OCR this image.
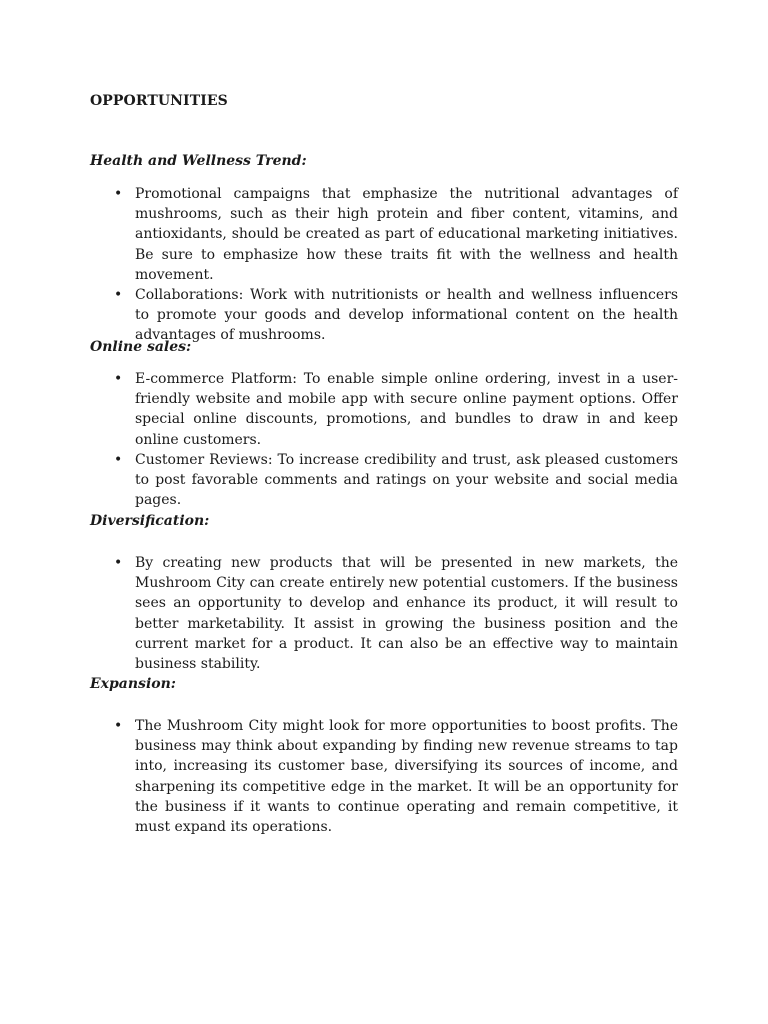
OPPORTUNITIES
Health and Wellness Trend:
• Promotional campaigns that emphasize the nutritional advantages of mushrooms, such as their high protein and fiber content, vitamins, and antioxidants, should be created as part of educational marketing initiatives. Be sure to emphasize how these traits fit with the wellness and health movement.
• Collaborations: Work with nutritionists or health and wellness influencers to promote your goods and develop informational content on the health advantages of mushrooms.
Online sales:
• E-commerce Platform: To enable simple online ordering, invest in a user-friendly website and mobile app with secure online payment options. Offer special online discounts, promotions, and bundles to draw in and keep online customers.
• Customer Reviews: To increase credibility and trust, ask pleased customers to post favorable comments and ratings on your website and social media pages.
Diversification:
• By creating new products that will be presented in new markets, the Mushroom City can create entirely new potential customers. If the business sees an opportunity to develop and enhance its product, it will result to better marketability. It assist in growing the business position and the current market for a product. It can also be an effective way to maintain business stability.
Expansion:
• The Mushroom City might look for more opportunities to boost profits. The business may think about expanding by finding new revenue streams to tap into, increasing its customer base, diversifying its sources of income, and sharpening its competitive edge in the market. It will be an opportunity for the business if it wants to continue operating and remain competitive, it must expand its operations.
